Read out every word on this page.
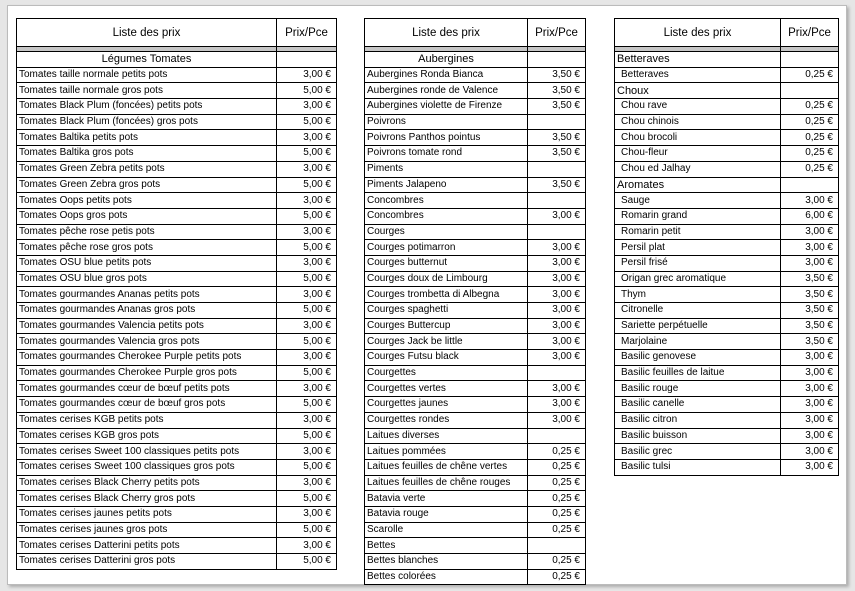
Liste des prix	Prix/Pce

Légumes Tomates	
Tomates taille normale petits pots	3,00 €
Tomates taille normale gros pots	5,00 €
Tomates Black Plum (foncées) petits pots	3,00 €
Tomates Black Plum (foncées) gros pots	5,00 €
Tomates Baltika petits pots	3,00 €
Tomates Baltika gros pots	5,00 €
Tomates Green Zebra petits pots	3,00 €
Tomates Green Zebra gros pots	5,00 €
Tomates Oops petits pots	3,00 €
Tomates Oops gros pots	5,00 €
Tomates pêche rose petis pots	3,00 €
Tomates pêche rose gros pots	5,00 €
Tomates OSU blue petits pots	3,00 €
Tomates OSU blue gros pots	5,00 €
Tomates gourmandes Ananas petits pots	3,00 €
Tomates gourmandes Ananas gros pots	5,00 €
Tomates gourmandes Valencia petits pots	3,00 €
Tomates gourmandes Valencia gros pots	5,00 €
Tomates gourmandes Cherokee Purple petits pots	3,00 €
Tomates gourmandes Cherokee Purple gros pots	5,00 €
Tomates gourmandes cœur de bœuf petits pots	3,00 €
Tomates gourmandes cœur de bœuf gros pots	5,00 €
Tomates cerises KGB petits pots	3,00 €
Tomates cerises KGB gros pots	5,00 €
Tomates cerises Sweet 100 classiques petits pots	3,00 €
Tomates cerises Sweet 100 classiques gros pots	5,00 €
Tomates cerises Black Cherry petits pots	3,00 €
Tomates cerises Black Cherry gros pots	5,00 €
Tomates cerises jaunes petits pots	3,00 €
Tomates cerises jaunes gros pots	5,00 €
Tomates cerises Datterini petits pots	3,00 €
Tomates cerises Datterini gros pots	5,00 €
Liste des prix	Prix/Pce

Aubergines	
Aubergines Ronda Bianca	3,50 €
Aubergines ronde de Valence	3,50 €
Aubergines violette de Firenze	3,50 €
Poivrons	
Poivrons Panthos pointus	3,50 €
Poivrons tomate rond	3,50 €
Piments	
Piments Jalapeno	3,50 €
Concombres	
Concombres	3,00 €
Courges	
Courges potimarron	3,00 €
Courges butternut	3,00 €
Courges doux de Limbourg	3,00 €
Courges trombetta di Albegna	3,00 €
Courges spaghetti	3,00 €
Courges Buttercup	3,00 €
Courges Jack be little	3,00 €
Courges Futsu black	3,00 €
Courgettes	
Courgettes vertes	3,00 €
Courgettes jaunes	3,00 €
Courgettes rondes	3,00 €
Laitues diverses	
Laitues pommées	0,25 €
Laitues feuilles de chêne vertes	0,25 €
Laitues feuilles de chêne rouges	0,25 €
Batavia verte	0,25 €
Batavia rouge	0,25 €
Scarolle	0,25 €
Bettes	
Bettes blanches	0,25 €
Bettes colorées	0,25 €
Liste des prix	Prix/Pce

Betteraves	
Betteraves	0,25 €
Choux	
Chou rave	0,25 €
Chou chinois	0,25 €
Chou brocoli	0,25 €
Chou-fleur	0,25 €
Chou ed Jalhay	0,25 €
Aromates	
Sauge	3,00 €
Romarin grand	6,00 €
Romarin petit	3,00 €
Persil plat	3,00 €
Persil frisé	3,00 €
Origan grec aromatique	3,50 €
Thym	3,50 €
Citronelle	3,50 €
Sariette perpétuelle	3,50 €
Marjolaine	3,50 €
Basilic genovese	3,00 €
Basilic feuilles de laitue	3,00 €
Basilic rouge	3,00 €
Basilic canelle	3,00 €
Basilic citron	3,00 €
Basilic buisson	3,00 €
Basilic grec	3,00 €
Basilic tulsi	3,00 €
